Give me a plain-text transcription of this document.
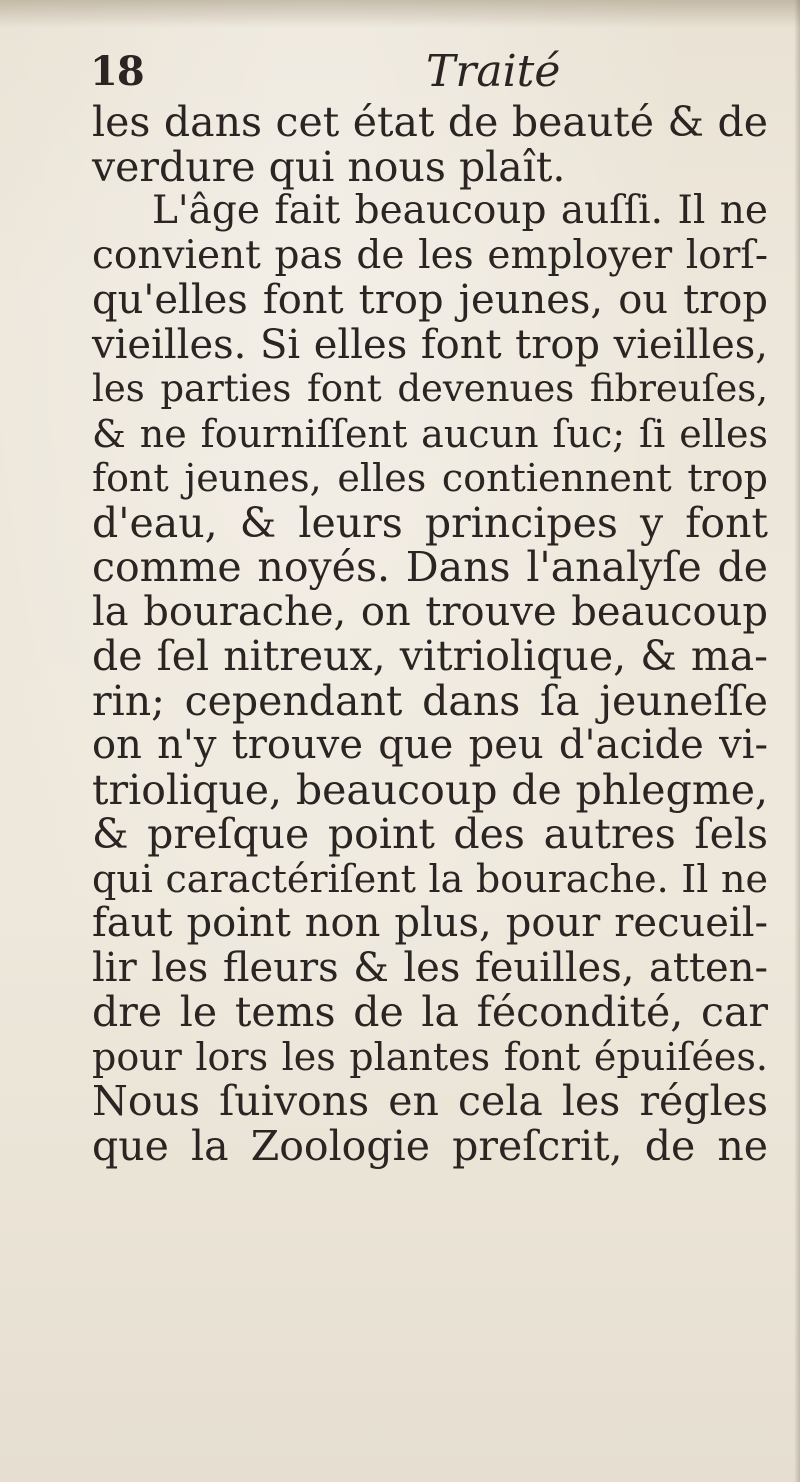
18	Traité
les dans cet état de beauté & de
verdure qui nous plaît.
L'âge fait beaucoup auſſi. Il ne
convient pas de les employer lorſ-
qu'elles font trop jeunes, ou trop
vieilles. Si elles font trop vieilles,
les parties font devenues fibreuſes,
& ne fourniſſent aucun ſuc; ſi elles
font jeunes, elles contiennent trop
d'eau, & leurs principes y font
comme noyés. Dans l'analyſe de
la bourache, on trouve beaucoup
de ſel nitreux, vitriolique, & ma-
rin; cependant dans ſa jeuneſſe
on n'y trouve que peu d'acide vi-
triolique, beaucoup de phlegme,
& preſque point des autres ſels
qui caractériſent la bourache. Il ne
faut point non plus, pour recueil-
lir les fleurs & les feuilles, atten-
dre le tems de la fécondité, car
pour lors les plantes font épuiſées.
Nous ſuivons en cela les régles
que la Zoologie preſcrit, de ne
